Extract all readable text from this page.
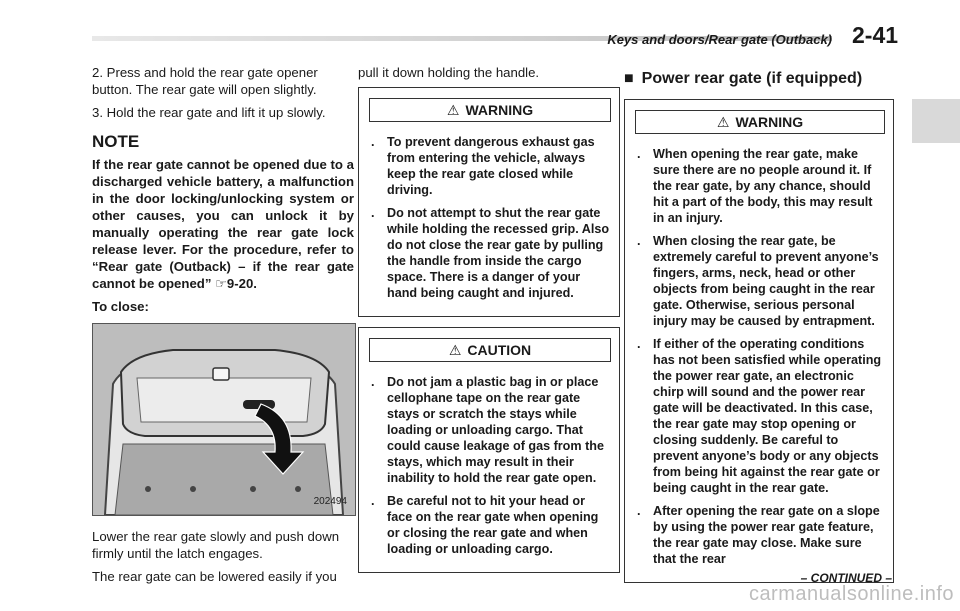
Keys and doors/Rear gate (Outback) 2-41

2. Press and hold the rear gate opener button. The rear gate will open slightly.

3. Hold the rear gate and lift it up slowly.

NOTE

If the rear gate cannot be opened due to a discharged vehicle battery, a malfunction in the door locking/unlocking system or other causes, you can unlock it by manually operating the rear gate lock release lever. For the procedure, refer to “Rear gate (Outback) – if the rear gate cannot be opened” ☞9-20.

To close:

202494

Lower the rear gate slowly and push down firmly until the latch engages.

The rear gate can be lowered easily if you

pull it down holding the handle.

⚠ WARNING
. To prevent dangerous exhaust gas from entering the vehicle, always keep the rear gate closed while driving.
. Do not attempt to shut the rear gate while holding the recessed grip. Also do not close the rear gate by pulling the handle from inside the cargo space. There is a danger of your hand being caught and injured.
⚠ CAUTION
. Do not jam a plastic bag in or place cellophane tape on the rear gate stays or scratch the stays while loading or unloading cargo. That could cause leakage of gas from the stays, which may result in their inability to hold the rear gate open.
. Be careful not to hit your head or face on the rear gate when opening or closing the rear gate and when loading or unloading cargo.
■ Power rear gate (if equipped)
⚠ WARNING
. When opening the rear gate, make sure there are no people around it. If the rear gate, by any chance, should hit a part of the body, this may result in an injury.
. When closing the rear gate, be extremely careful to prevent anyone’s fingers, arms, neck, head or other objects from being caught in the rear gate. Otherwise, serious personal injury may be caused by entrapment.
. If either of the operating conditions has not been satisfied while operating the power rear gate, an electronic chirp will sound and the power rear gate will be deactivated. In this case, the rear gate may stop opening or closing suddenly. Be careful to prevent anyone’s body or any objects from being hit against the rear gate or being caught in the rear gate.
. After opening the rear gate on a slope by using the power rear gate feature, the rear gate may close. Make sure that the rear
– CONTINUED –
carmanualsonline.info
